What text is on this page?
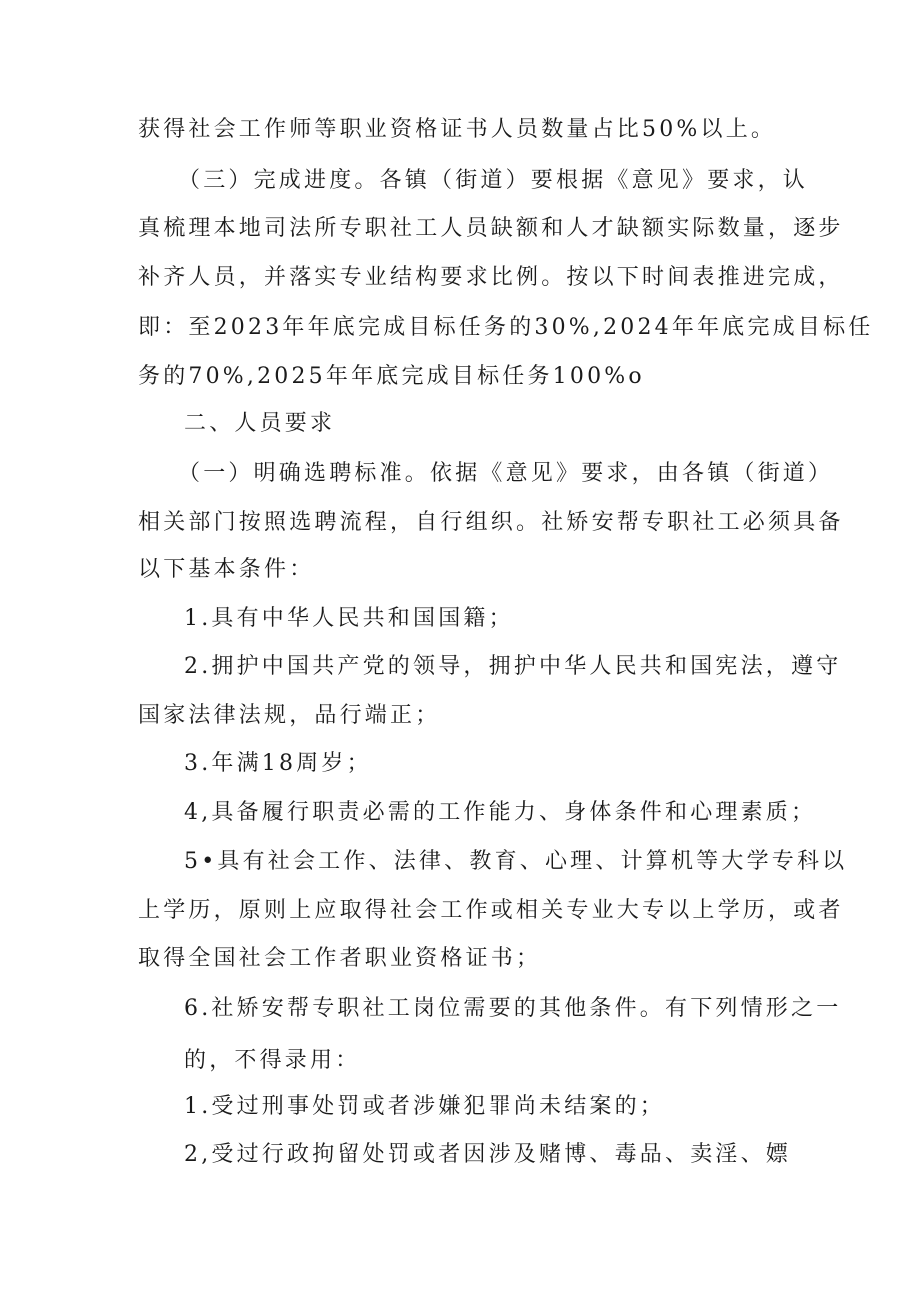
获得社会工作师等职业资格证书人员数量占比50%以上。
（三）完成进度。各镇（街道）要根据《意见》要求，认
真梳理本地司法所专职社工人员缺额和人才缺额实际数量，逐步
补齐人员，并落实专业结构要求比例。按以下时间表推进完成，
即：至2023年年底完成目标任务的30%,2024年年底完成目标任
务的70%,2025年年底完成目标任务100%o
二、人员要求
（一）明确选聘标准。依据《意见》要求，由各镇（街道）
相关部门按照选聘流程，自行组织。社矫安帮专职社工必须具备
以下基本条件：
1.具有中华人民共和国国籍；
2.拥护中国共产党的领导，拥护中华人民共和国宪法，遵守
国家法律法规，品行端正；
3.年满18周岁；
4,具备履行职责必需的工作能力、身体条件和心理素质；
5•具有社会工作、法律、教育、心理、计算机等大学专科以
上学历，原则上应取得社会工作或相关专业大专以上学历，或者
取得全国社会工作者职业资格证书；
6.社矫安帮专职社工岗位需要的其他条件。有下列情形之一
的，不得录用：
1.受过刑事处罚或者涉嫌犯罪尚未结案的；
2,受过行政拘留处罚或者因涉及赌博、毒品、卖淫、嫖
